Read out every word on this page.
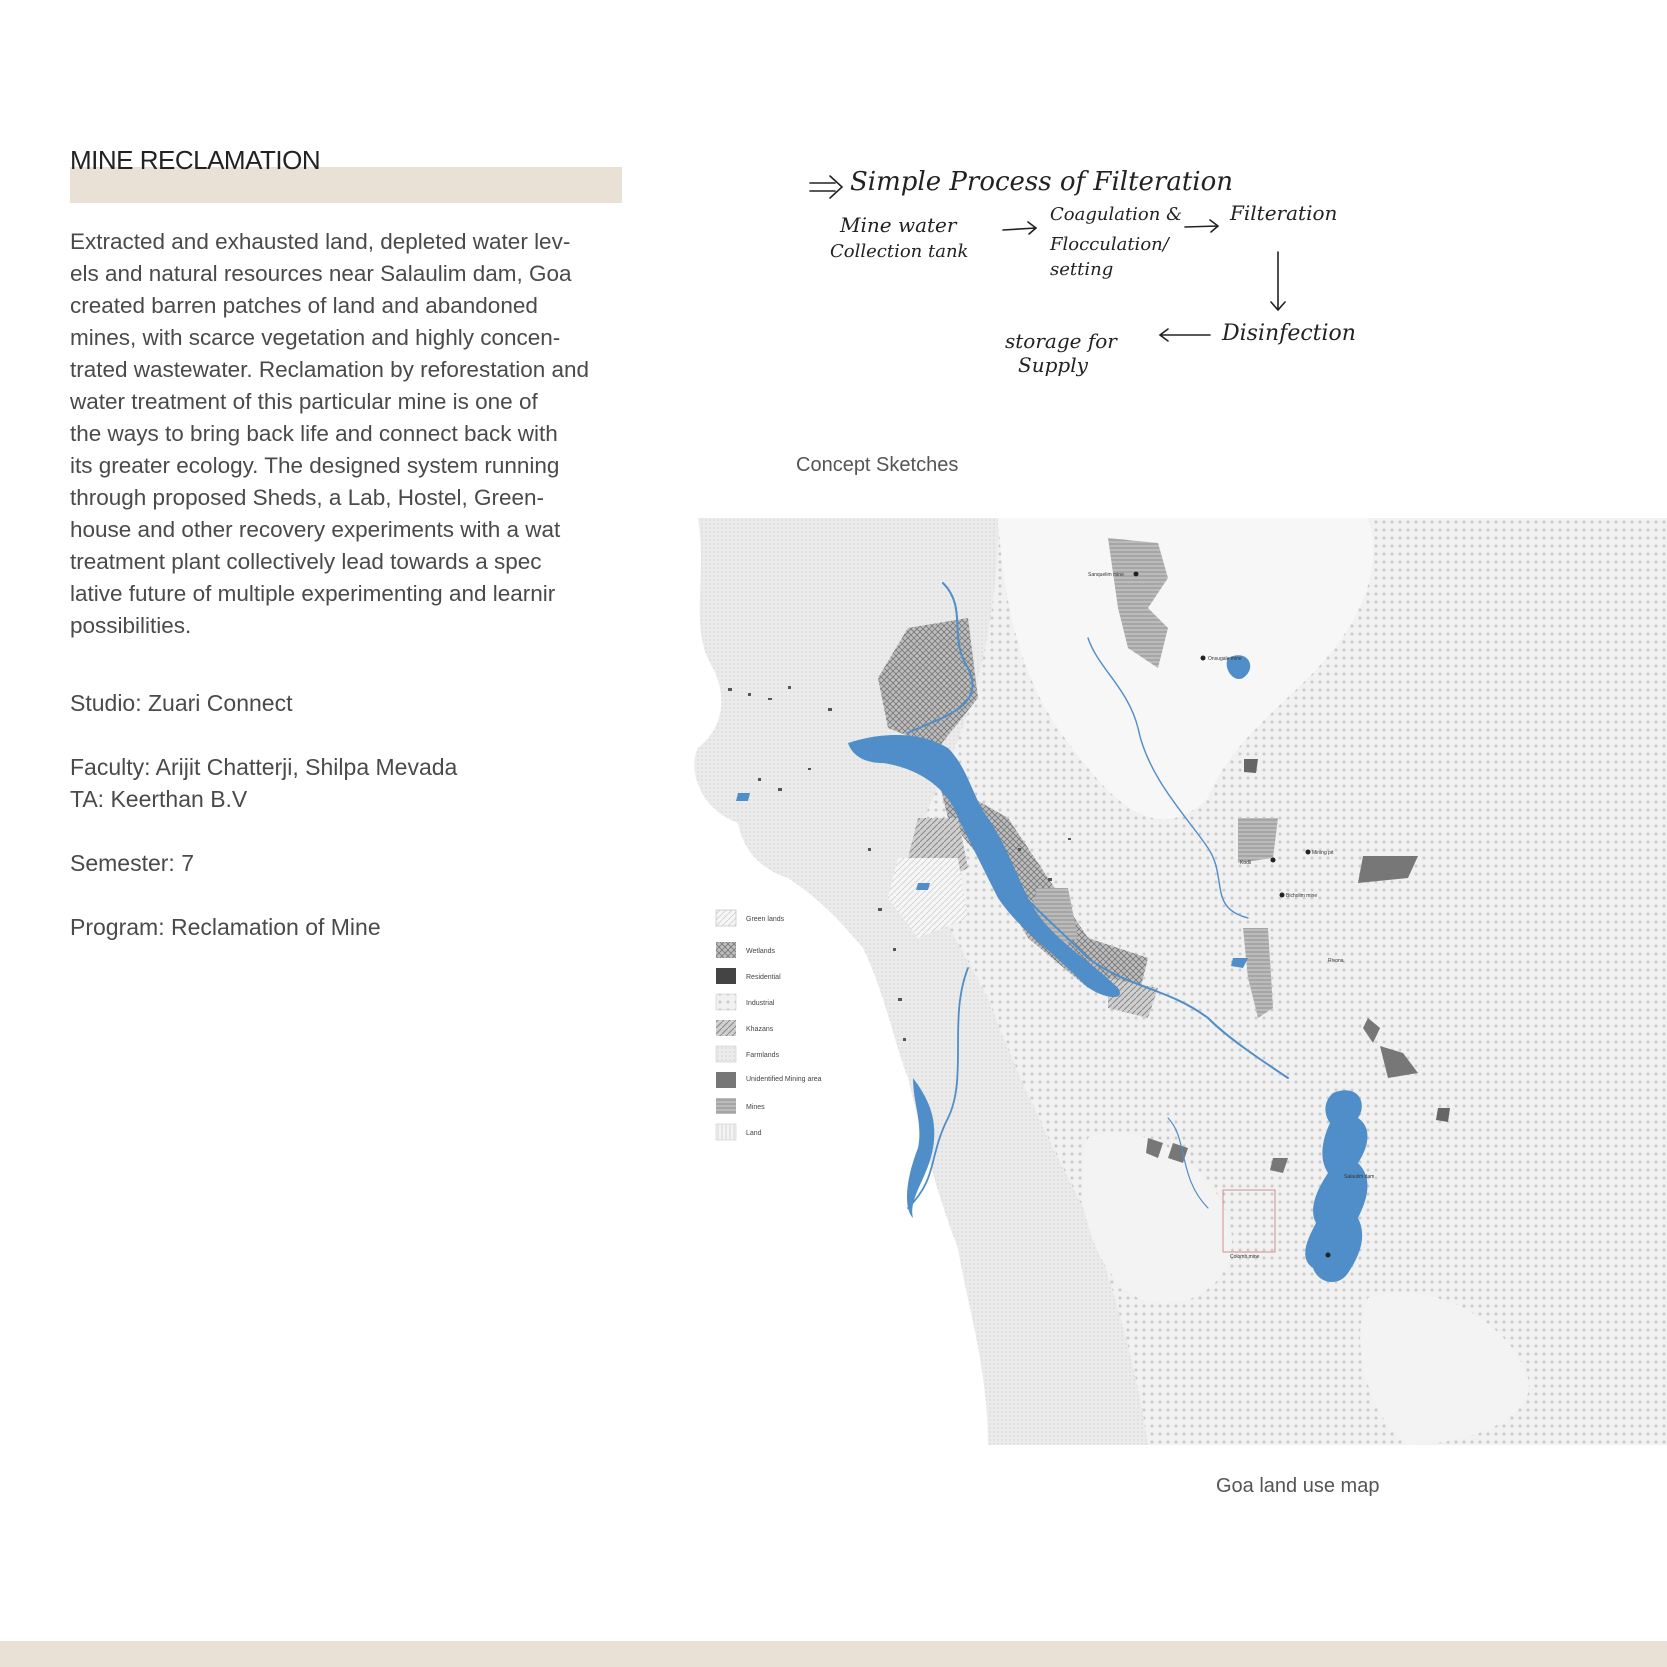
MINE RECLAMATION
Extracted and exhausted land, depleted water lev-
els and natural resources near Salaulim dam, Goa
created barren patches of land and abandoned
mines, with scarce vegetation and highly concen-
trated wastewater. Reclamation by reforestation and
water treatment of this particular mine is one of
the ways to bring back life and connect back with
its greater ecology. The designed system running
through proposed Sheds, a Lab, Hostel, Green-
house and other recovery experiments with a wat
treatment plant collectively lead towards a spec
lative future of multiple experimenting and learnir
possibilities.
Studio: Zuari Connect
Faculty: Arijit Chatterji, Shilpa Mevada
TA: Keerthan B.V
Semester: 7
Program: Reclamation of Mine
Simple Process of Filteration
Mine water
Collection tank
Coagulation &
Flocculation/
setting
Filteration
Disinfection
storage for
Supply
Concept Sketches
Sanquelim mine
Onsugale mine
Mining pit
Bicholim mine
Kodli
Rivona
Colomb mine
Salaulim dam
Green lands
Wetlands
Residential
Industrial
Khazans
Farmlands
Unidentified Mining area
Mines
Land
Goa land use map
